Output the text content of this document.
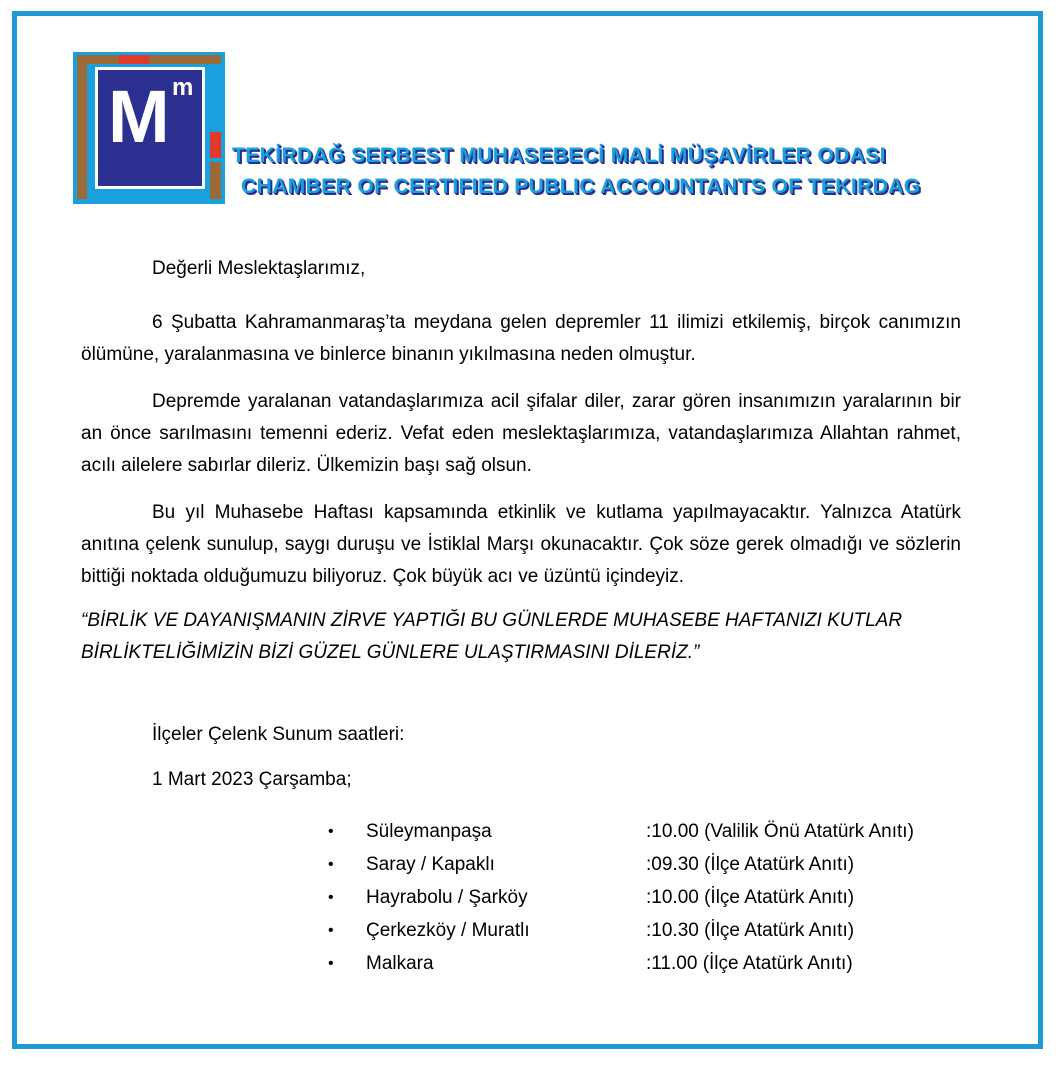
M m
TEKİRDAĞ SERBEST MUHASEBECİ MALİ MÜŞAVİRLER ODASI
CHAMBER OF CERTIFIED PUBLIC ACCOUNTANTS OF TEKIRDAG
Değerli Meslektaşlarımız,

6 Şubatta Kahramanmaraş’ta meydana gelen depremler 11 ilimizi etkilemiş, birçok canımızın ölümüne, yaralanmasına ve binlerce binanın yıkılmasına neden olmuştur.

Depremde yaralanan vatandaşlarımıza acil şifalar diler, zarar gören insanımızın yaralarının bir an önce sarılmasını temenni ederiz. Vefat eden meslektaşlarımıza, vatandaşlarımıza Allahtan rahmet, acılı ailelere sabırlar dileriz. Ülkemizin başı sağ olsun.

Bu yıl Muhasebe Haftası kapsamında etkinlik ve kutlama yapılmayacaktır. Yalnızca Atatürk anıtına çelenk sunulup, saygı duruşu ve İstiklal Marşı okunacaktır. Çok söze gerek olmadığı ve sözlerin bittiği noktada olduğumuzu biliyoruz. Çok büyük acı ve üzüntü içindeyiz.

“BİRLİK VE DAYANIŞMANIN ZİRVE YAPTIĞI BU GÜNLERDE MUHASEBE HAFTANIZI KUTLAR
BİRLİKTELİĞİMİZİN BİZİ GÜZEL GÜNLERE ULAŞTIRMASINI DİLERİZ.”
İlçeler Çelenk Sunum saatleri:
1 Mart 2023 Çarşamba;
• Süleymanpaşa	:10.00 (Valilik Önü Atatürk Anıtı)
• Saray / Kapaklı	:09.30 (İlçe Atatürk Anıtı)
• Hayrabolu / Şarköy	:10.00 (İlçe Atatürk Anıtı)
• Çerkezköy / Muratlı	:10.30 (İlçe Atatürk Anıtı)
• Malkara	:11.00 (İlçe Atatürk Anıtı)
